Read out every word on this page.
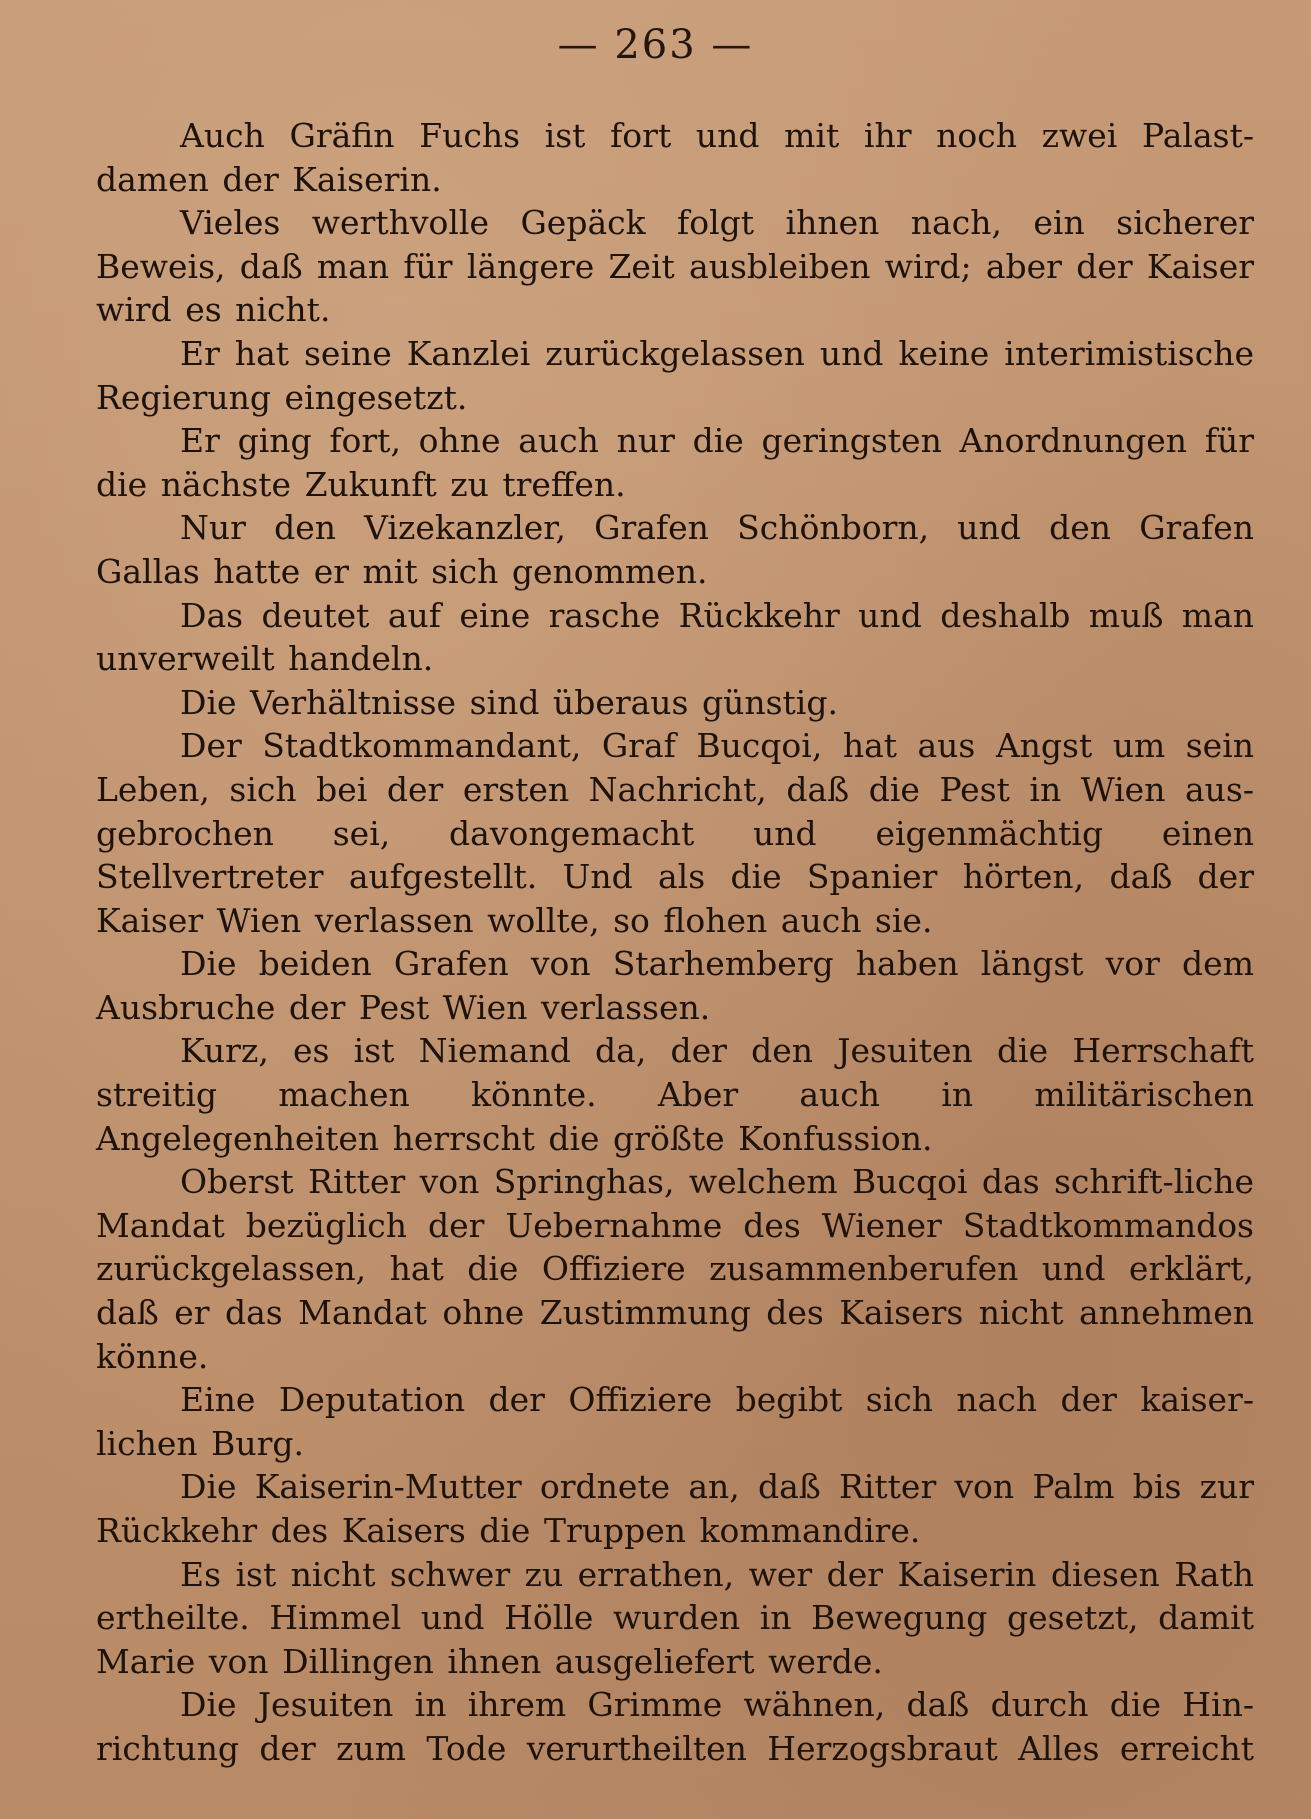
— 263 —

Auch Gräfin Fuchs ist fort und mit ihr noch zwei Palast-damen der Kaiserin.

Vieles werthvolle Gepäck folgt ihnen nach, ein sicherer Beweis, daß man für längere Zeit ausbleiben wird; aber der Kaiser wird es nicht.

Er hat seine Kanzlei zurückgelassen und keine interimistische Regierung eingesetzt.

Er ging fort, ohne auch nur die geringsten Anordnungen für die nächste Zukunft zu treffen.

Nur den Vizekanzler, Grafen Schönborn, und den Grafen Gallas hatte er mit sich genommen.

Das deutet auf eine rasche Rückkehr und deshalb muß man unverweilt handeln.

Die Verhältnisse sind überaus günstig.

Der Stadtkommandant, Graf Bucqoi, hat aus Angst um sein Leben, sich bei der ersten Nachricht, daß die Pest in Wien aus-gebrochen sei, davongemacht und eigenmächtig einen Stellvertreter aufgestellt. Und als die Spanier hörten, daß der Kaiser Wien verlassen wollte, so flohen auch sie.

Die beiden Grafen von Starhemberg haben längst vor dem Ausbruche der Pest Wien verlassen.

Kurz, es ist Niemand da, der den Jesuiten die Herrschaft streitig machen könnte. Aber auch in militärischen Angelegenheiten herrscht die größte Konfussion.

Oberst Ritter von Springhas, welchem Bucqoi das schrift-liche Mandat bezüglich der Uebernahme des Wiener Stadtkommandos zurückgelassen, hat die Offiziere zusammenberufen und erklärt, daß er das Mandat ohne Zustimmung des Kaisers nicht annehmen könne.

Eine Deputation der Offiziere begibt sich nach der kaiser-lichen Burg.

Die Kaiserin-Mutter ordnete an, daß Ritter von Palm bis zur Rückkehr des Kaisers die Truppen kommandire.

Es ist nicht schwer zu errathen, wer der Kaiserin diesen Rath ertheilte. Himmel und Hölle wurden in Bewegung gesetzt, damit Marie von Dillingen ihnen ausgeliefert werde.

Die Jesuiten in ihrem Grimme wähnen, daß durch die Hin-richtung der zum Tode verurtheilten Herzogsbraut Alles erreicht
